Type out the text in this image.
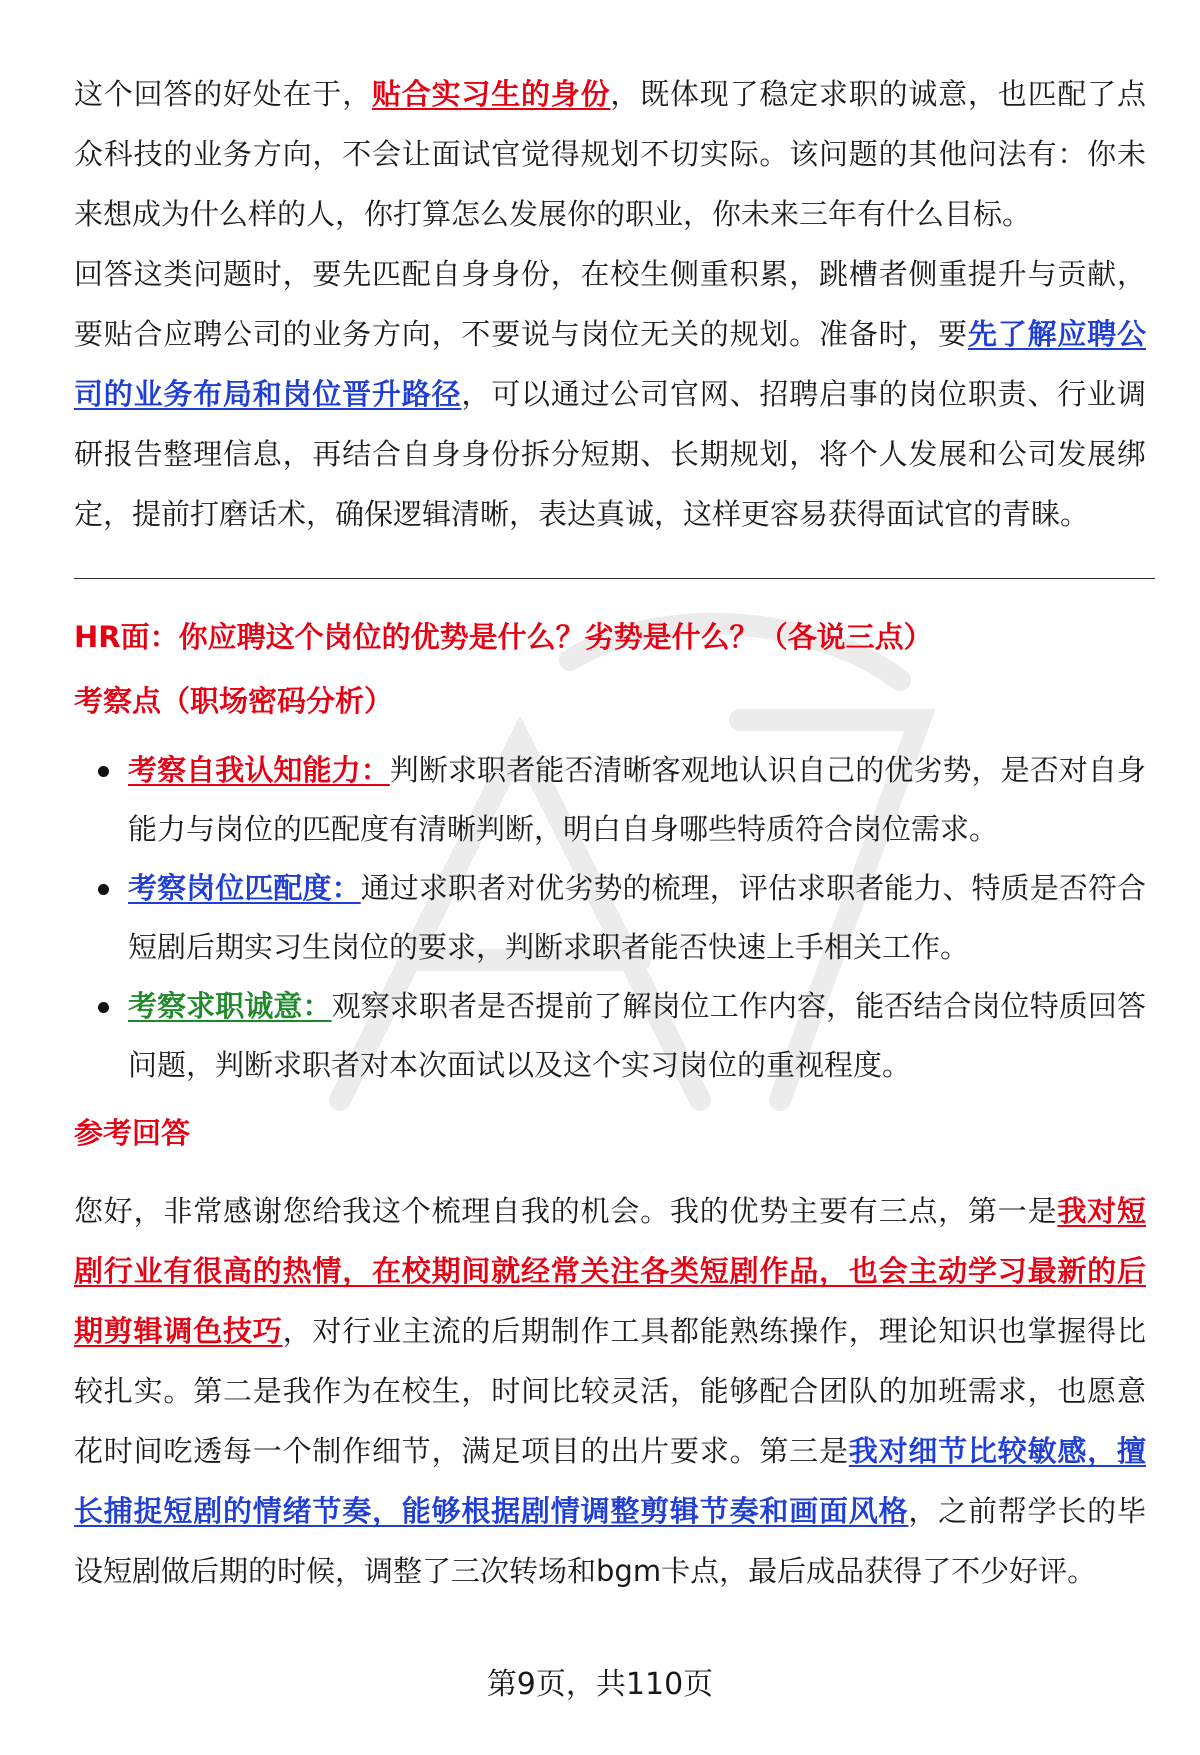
这个回答的好处在于，贴合实习生的身份，既体现了稳定求职的诚意，也匹配了点众科技的业务方向，不会让面试官觉得规划不切实际。该问题的其他问法有：你未来想成为什么样的人，你打算怎么发展你的职业，你未来三年有什么目标。

回答这类问题时，要先匹配自身身份，在校生侧重积累，跳槽者侧重提升与贡献，要贴合应聘公司的业务方向，不要说与岗位无关的规划。准备时，要先了解应聘公司的业务布局和岗位晋升路径，可以通过公司官网、招聘启事的岗位职责、行业调研报告整理信息，再结合自身身份拆分短期、长期规划，将个人发展和公司发展绑定，提前打磨话术，确保逻辑清晰，表达真诚，这样更容易获得面试官的青睐。

HR面：你应聘这个岗位的优势是什么？劣势是什么？（各说三点）

考察点（职场密码分析）

考察自我认知能力：判断求职者能否清晰客观地认识自己的优劣势，是否对自身能力与岗位的匹配度有清晰判断，明白自身哪些特质符合岗位需求。
考察岗位匹配度：通过求职者对优劣势的梳理，评估求职者能力、特质是否符合短剧后期实习生岗位的要求，判断求职者能否快速上手相关工作。
考察求职诚意：观察求职者是否提前了解岗位工作内容，能否结合岗位特质回答问题，判断求职者对本次面试以及这个实习岗位的重视程度。

参考回答

您好，非常感谢您给我这个梳理自我的机会。我的优势主要有三点，第一是我对短剧行业有很高的热情，在校期间就经常关注各类短剧作品，也会主动学习最新的后期剪辑调色技巧，对行业主流的后期制作工具都能熟练操作，理论知识也掌握得比较扎实。第二是我作为在校生，时间比较灵活，能够配合团队的加班需求，也愿意花时间吃透每一个制作细节，满足项目的出片要求。第三是我对细节比较敏感，擅长捕捉短剧的情绪节奏，能够根据剧情调整剪辑节奏和画面风格，之前帮学长的毕设短剧做后期的时候，调整了三次转场和bgm卡点，最后成品获得了不少好评。

第9页，共110页
